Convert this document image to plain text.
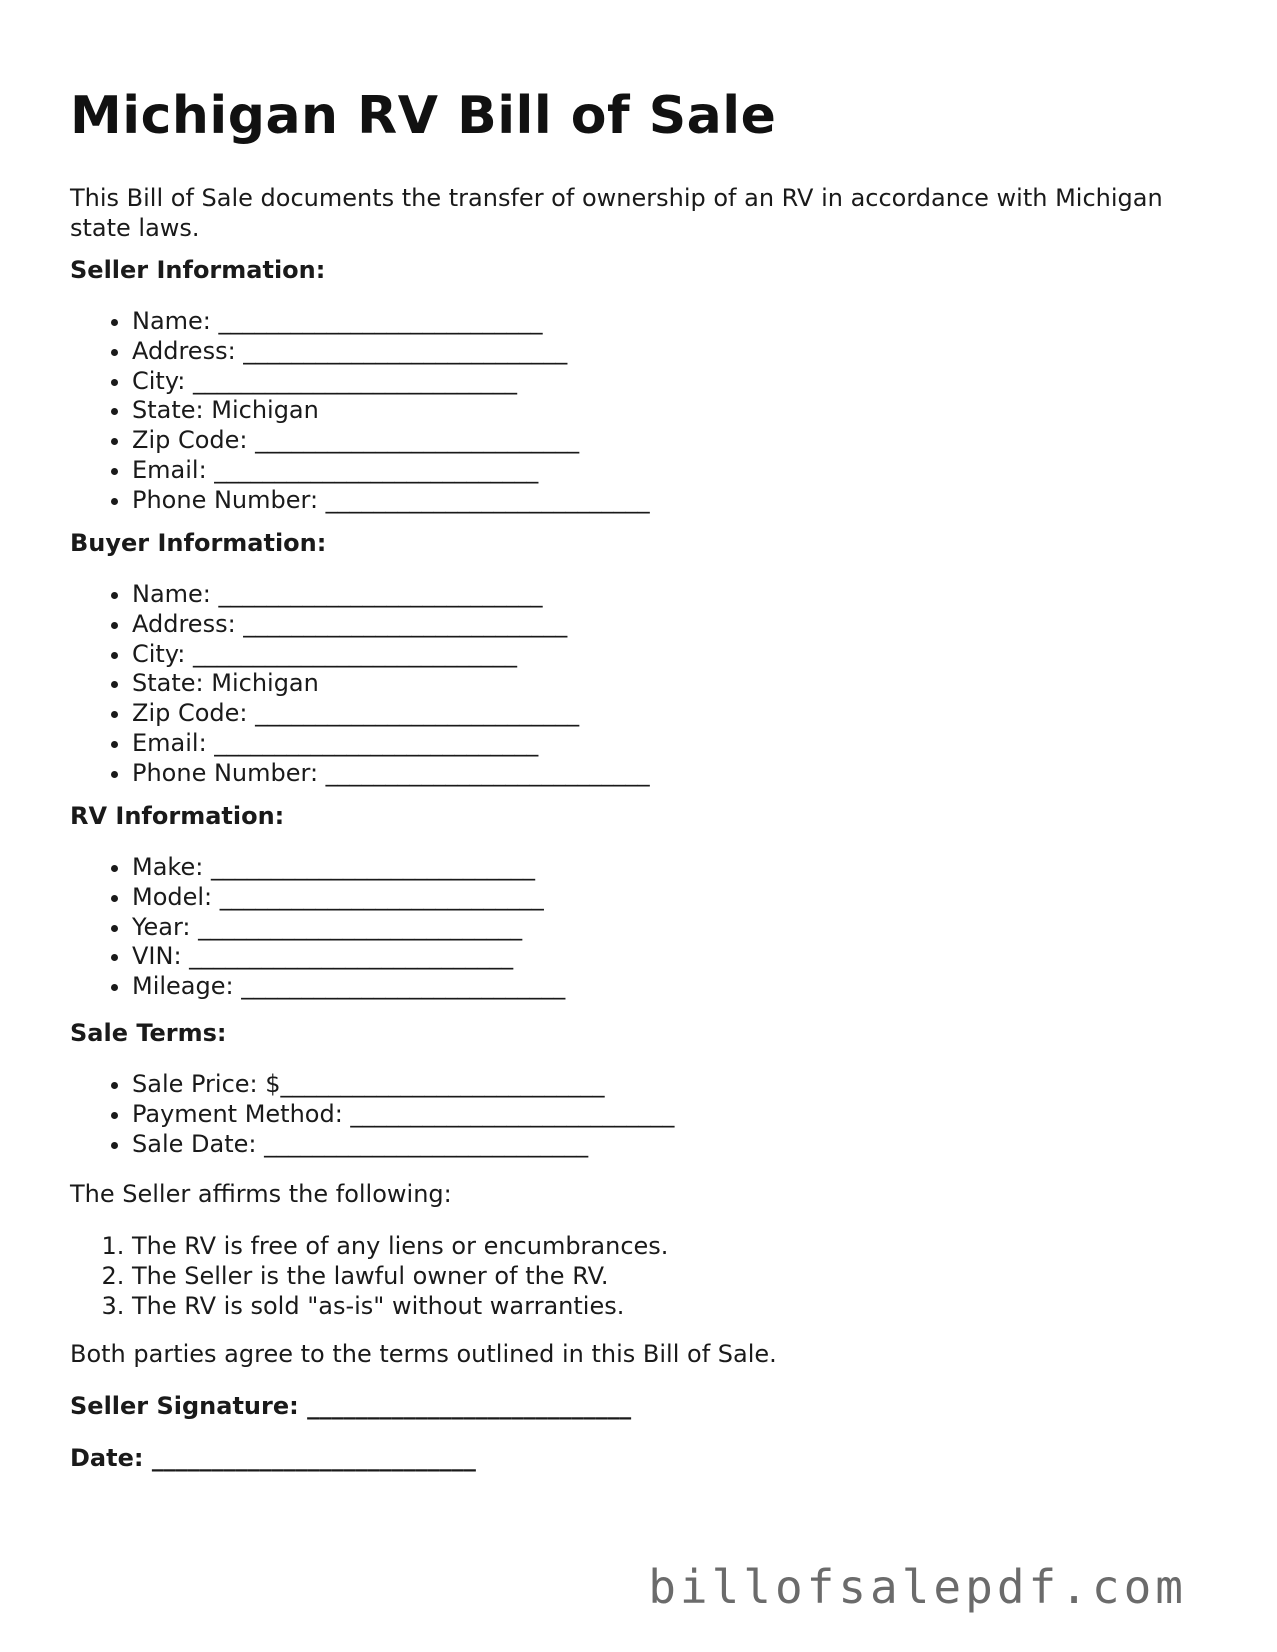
Michigan RV Bill of Sale

This Bill of Sale documents the transfer of ownership of an RV in accordance with Michigan state laws.

Seller Information:

• Name: ___________________________
• Address: ___________________________
• City: ___________________________
• State: Michigan
• Zip Code: ___________________________
• Email: ___________________________
• Phone Number: ___________________________

Buyer Information:

• Name: ___________________________
• Address: ___________________________
• City: ___________________________
• State: Michigan
• Zip Code: ___________________________
• Email: ___________________________
• Phone Number: ___________________________

RV Information:

• Make: ___________________________
• Model: ___________________________
• Year: ___________________________
• VIN: ___________________________
• Mileage: ___________________________

Sale Terms:

• Sale Price: $___________________________
• Payment Method: ___________________________
• Sale Date: ___________________________

The Seller affirms the following:

1. The RV is free of any liens or encumbrances.
2. The Seller is the lawful owner of the RV.
3. The RV is sold "as-is" without warranties.

Both parties agree to the terms outlined in this Bill of Sale.

Seller Signature: ___________________________

Date: ___________________________

billofsalepdf.com
